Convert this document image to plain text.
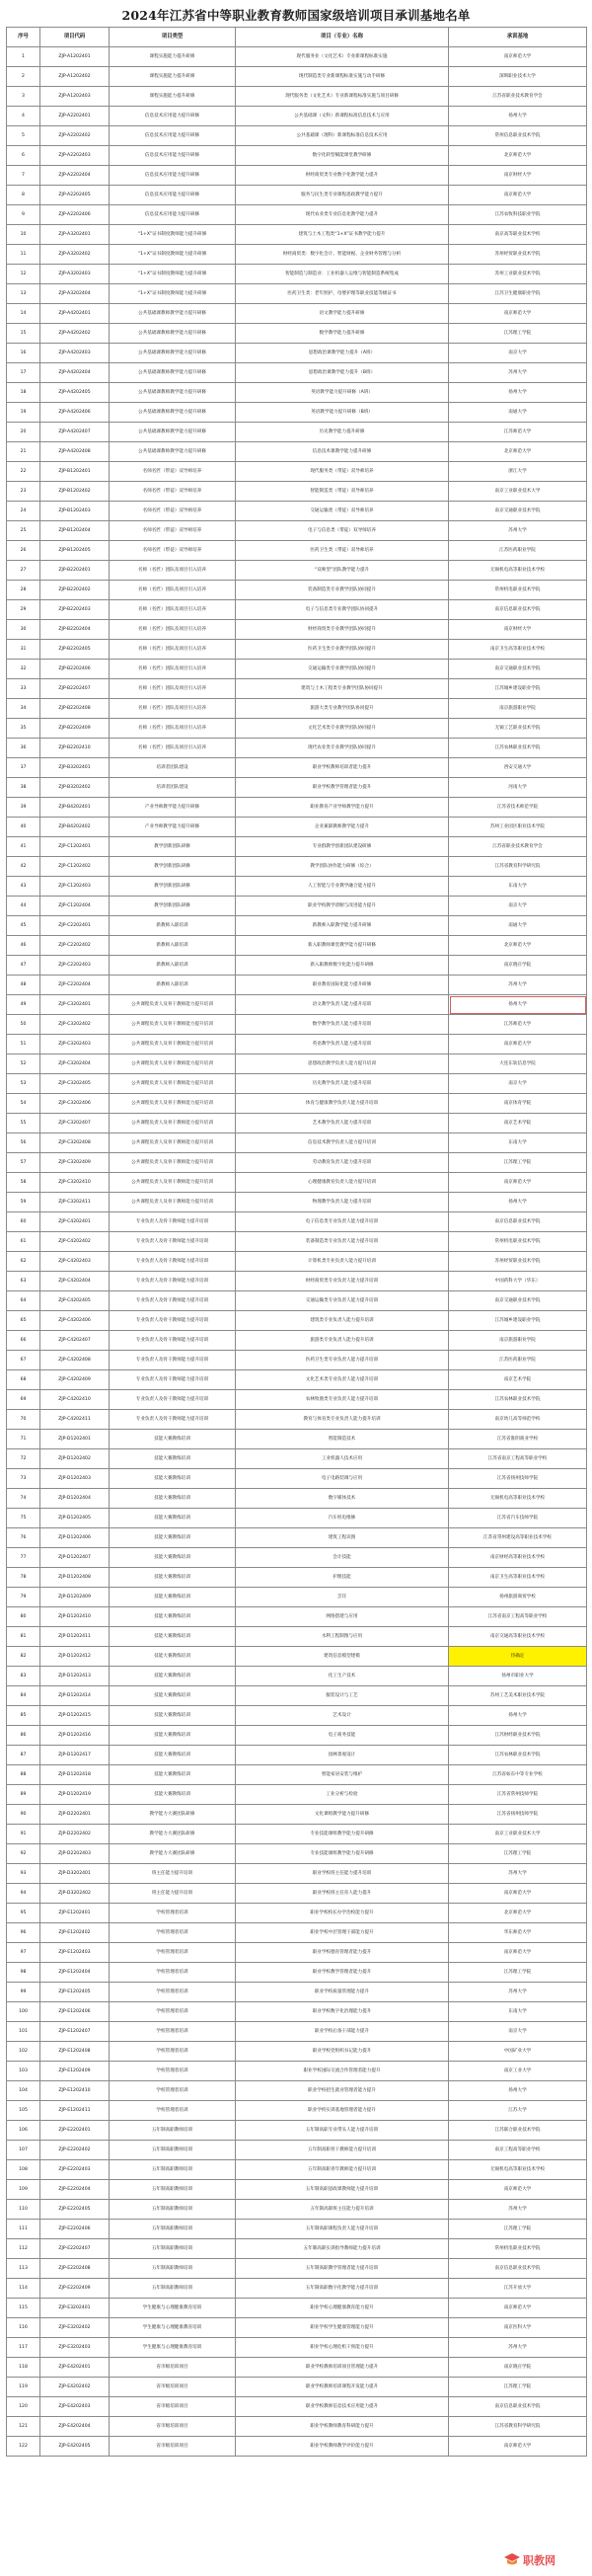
2024年江苏省中等职业教育教师国家级培训项目承训基地名单
序号	项目代码	项目类型	项目（专业）名称	承训基地
1	ZJP-A1202401	课程实施能力提升研修	现代服务业（文化艺术）专业新课程标准实施	南京师范大学
2	ZJP-A1202402	课程实施能力提升研修	现代制造类专业新课程标准实施与动手研修	深圳职业技术大学
3	ZJP-A1202403	课程实施能力提升研修	现代服务类（文化艺术）专业新课程标准实施与项目研修	江苏省职业技术教育学会
4	ZJP-A2202401	信息技术应用能力提升研修	公共基础课（文科）新课程标准信息技术与应用	扬州大学
5	ZJP-A2202402	信息技术应用能力提升研修	公共基础课（理科）新课程标准信息技术应用	常州信息职业技术学院
6	ZJP-A2202403	信息技术应用能力提升研修	数字化转型赋能课堂教学研修	北京师范大学
7	ZJP-A2202404	信息技术应用能力提升研修	财经商贸类专业数字化教学能力提升	南京财经大学
8	ZJP-A2202405	信息技术应用能力提升研修	服务与民生类专业课程思政教学能力提升	南京师范大学
9	ZJP-A2202406	信息技术应用能力提升研修	现代农业类专业信息化教学能力提升	江苏农牧科技职业学院
10	ZJP-A3202401	“1+X”证书制度教师能力提升研修	建筑与土木工程类“1+X”证书教学能力提升	南京高等职业技术学校
11	ZJP-A3202402	“1+X”证书制度教师能力提升研修	财经商贸类：数字化会计、智能财税、企业财务管理与分析	苏州经贸职业技术学院
12	ZJP-A3202403	“1+X”证书制度教师能力提升研修	智能制造与制造业：工业机器人运维与智能制造系统集成	苏州工业职业技术学院
13	ZJP-A3202404	“1+X”证书制度教师能力提升研修	医药卫生类：老年照护、母婴护理等职业技能等级证书	江苏卫生健康职业学院
14	ZJP-A4202401	公共基础课教师教学能力提升研修	语文教学能力提升研修	南京师范大学
15	ZJP-A4202402	公共基础课教师教学能力提升研修	数学教学能力提升研修	江苏理工学院
16	ZJP-A4202403	公共基础课教师教学能力提升研修	思想政治课教学能力提升（A班）	南京大学
17	ZJP-A4202404	公共基础课教师教学能力提升研修	思想政治课教学能力提升（B班）	苏州大学
18	ZJP-A4202405	公共基础课教师教学能力提升研修	英语教学能力提升研修（A班）	扬州大学
19	ZJP-A4202406	公共基础课教师教学能力提升研修	英语教学能力提升研修（B班）	南通大学
20	ZJP-A4202407	公共基础课教师教学能力提升研修	历史教学能力提升研修	江苏师范大学
21	ZJP-A4202408	公共基础课教师教学能力提升研修	信息技术课教学能力提升研修	北京师范大学
22	ZJP-B1202401	名师名匠（带徒）双导师培养	现代服务类（带徒）双导师培养	浙江大学
23	ZJP-B1202402	名师名匠（带徒）双导师培养	智能制造类（带徒）双导师培养	南京工业职业技术大学
24	ZJP-B1202403	名师名匠（带徒）双导师培养	交通运输类（带徒）双导师培养	南京交通职业技术学院
25	ZJP-B1202404	名师名匠（带徒）双导师培养	电子与信息类（带徒）双导师培养	苏州大学
26	ZJP-B1202405	名师名匠（带徒）双导师培养	医药卫生类（带徒）双导师培养	江苏医药职业学院
27	ZJP-B2202401	名师（名匠）团队及项目引入培养	“双师型”团队教学能力提升	无锡机电高等职业技术学校
28	ZJP-B2202402	名师（名匠）团队及项目引入培养	装备制造类专业教学团队协同提升	常州机电职业技术学院
29	ZJP-B2202403	名师（名匠）团队及项目引入培养	电子与信息类专业教学团队协同提升	南京信息职业技术学院
30	ZJP-B2202404	名师（名匠）团队及项目引入培养	财经商贸类专业教学团队协同提升	南京财经大学
31	ZJP-B2202405	名师（名匠）团队及项目引入培养	医药卫生类专业教学团队协同提升	南京卫生高等职业技术学校
32	ZJP-B2202406	名师（名匠）团队及项目引入培养	交通运输类专业教学团队协同提升	南京交通职业技术学院
33	ZJP-B2202407	名师（名匠）团队及项目引入培养	建筑与土木工程类专业教学团队协同提升	江苏城乡建设职业学院
34	ZJP-B2202408	名师（名匠）团队及项目引入培养	旅游大类专业教学团队协同提升	南京旅游职业学院
35	ZJP-B2202409	名师（名匠）团队及项目引入培养	文化艺术类专业教学团队协同提升	无锡工艺职业技术学院
36	ZJP-B2202410	名师（名匠）团队及项目引入培养	现代农业类专业教学团队协同提升	江苏农林职业技术学院
37	ZJP-B3202401	培训者团队建设	职业学校教师培训者能力提升	西安交通大学
38	ZJP-B3202402	培训者团队建设	职业学校教学管理者能力提升	河南大学
39	ZJP-B4202401	产业导师教学能力提升研修	职业教育产业导师教学能力提升	江苏省技术师范学院
40	ZJP-B4202402	产业导师教学能力提升研修	企业兼职教师教学能力提升	苏州工业园区职业技术学院
41	ZJP-C1202401	教学创新团队研修	专业群教学创新团队建设研修	江苏省职业技术教育学会
42	ZJP-C1202402	教学创新团队研修	教学团队协作能力研修（综合）	江苏省教育科学研究院
43	ZJP-C1202403	教学创新团队研修	人工智能与专业教学融合能力提升	东南大学
44	ZJP-C1202404	教学创新团队研修	职业学校教学诊断与改进能力提升	南京大学
45	ZJP-C2202401	新教师入职培训	新教师入职教学能力提升研修	南通大学
46	ZJP-C2202402	新教师入职培训	新入职教师课堂教学能力提升研修	北京师范大学
47	ZJP-C2202403	新教师入职培训	新入职教师数字化能力提升研修	南京晓庄学院
48	ZJP-C2202404	新教师入职培训	职业教育国际化能力提升研修	苏州大学
49	ZJP-C3202401	公共课程负责人及骨干教师能力提升培训	语文教学负责人能力提升培训	扬州大学
50	ZJP-C3202402	公共课程负责人及骨干教师能力提升培训	数学教学负责人能力提升培训	江苏师范大学
51	ZJP-C3202403	公共课程负责人及骨干教师能力提升培训	英语教学负责人能力提升培训	南京师范大学
52	ZJP-C3202404	公共课程负责人及骨干教师能力提升培训	思想政治教学负责人能力提升培训	大连东软信息学院
53	ZJP-C3202405	公共课程负责人及骨干教师能力提升培训	历史教学负责人能力提升培训	南京大学
54	ZJP-C3202406	公共课程负责人及骨干教师能力提升培训	体育与健康教学负责人能力提升培训	南京体育学院
55	ZJP-C3202407	公共课程负责人及骨干教师能力提升培训	艺术教学负责人能力提升培训	南京艺术学院
56	ZJP-C3202408	公共课程负责人及骨干教师能力提升培训	信息技术教学负责人能力提升培训	东南大学
57	ZJP-C3202409	公共课程负责人及骨干教师能力提升培训	劳动教育负责人能力提升培训	江苏理工学院
58	ZJP-C3202410	公共课程负责人及骨干教师能力提升培训	心理健康教育负责人能力提升培训	南京师范大学
59	ZJP-C3202411	公共课程负责人及骨干教师能力提升培训	物理教学负责人能力提升培训	扬州大学
60	ZJP-C4202401	专业负责人及骨干教师能力提升培训	电子信息类专业负责人能力提升培训	南京信息职业技术学院
61	ZJP-C4202402	专业负责人及骨干教师能力提升培训	装备制造类专业负责人能力提升培训	常州机电职业技术学院
62	ZJP-C4202403	专业负责人及骨干教师能力提升培训	计算机类专业负责人能力提升培训	苏州经贸职业技术学院
63	ZJP-C4202404	专业负责人及骨干教师能力提升培训	财经商贸类专业负责人能力提升培训	中国药科大学（华东）
64	ZJP-C4202405	专业负责人及骨干教师能力提升培训	交通运输类专业负责人能力提升培训	南京交通职业技术学院
65	ZJP-C4202406	专业负责人及骨干教师能力提升培训	建筑类专业负责人能力提升培训	江苏城乡建设职业学院
66	ZJP-C4202407	专业负责人及骨干教师能力提升培训	旅游类专业负责人能力提升培训	南京旅游职业学院
67	ZJP-C4202408	专业负责人及骨干教师能力提升培训	医药卫生类专业负责人能力提升培训	江苏医药职业学院
68	ZJP-C4202409	专业负责人及骨干教师能力提升培训	文化艺术类专业负责人能力提升培训	南京艺术学院
69	ZJP-C4202410	专业负责人及骨干教师能力提升培训	农林牧渔类专业负责人能力提升培训	江苏农林职业技术学院
70	ZJP-C4202411	专业负责人及骨干教师能力提升培训	教育与体育类专业负责人能力提升培训	南京幼儿高等师范学校
71	ZJP-D1202401	技能大赛教练培训	智能制造技术	江苏省淮阴商业学校
72	ZJP-D1202402	技能大赛教练培训	工业机器人技术应用	江苏省南京工程高等职业学校
73	ZJP-D1202403	技能大赛教练培训	电子电路装调与应用	江苏省扬州技师学院
74	ZJP-D1202404	技能大赛教练培训	数字媒体技术	无锡机电高等职业技术学校
75	ZJP-D1202405	技能大赛教练培训	汽车机电维修	江苏省汽车技师学院
76	ZJP-D1202406	技能大赛教练培训	建筑工程识图	江苏省常州建设高等职业技术学校
77	ZJP-D1202407	技能大赛教练培训	会计技能	南京财经高等职业技术学校
78	ZJP-D1202408	技能大赛教练培训	护理技能	南京卫生高等职业技术学校
79	ZJP-D1202409	技能大赛教练培训	烹饪	扬州旅游商贸学校
80	ZJP-D1202410	技能大赛教练培训	网络搭建与应用	江苏省南京工程高等职业学校
81	ZJP-D1202411	技能大赛教练培训	水利工程制图与应用	南京交通高等职业技术学校
82	ZJP-D1202412	技能大赛教练培训	建筑信息模型建模	待确定
83	ZJP-D1202413	技能大赛教练培训	化工生产技术	扬州市职业大学
84	ZJP-D1202414	技能大赛教练培训	服装设计与工艺	苏州工艺美术职业技术学院
85	ZJP-D1202415	技能大赛教练培训	艺术设计	扬州大学
86	ZJP-D1202416	技能大赛教练培训	电子商务技能	江苏财经职业技术学院
87	ZJP-D1202417	技能大赛教练培训	园林景观设计	江苏农林职业技术学院
88	ZJP-D1202418	技能大赛教练培训	智能家居安装与维护	江苏省如东中等专业学校
89	ZJP-D1202419	技能大赛教练培训	工业分析与检验	江苏省常州技师学院
90	ZJP-D2202401	教学能力大赛团队研修	文化课组教学能力提升研修	江苏省扬州技师学院
91	ZJP-D2202402	教学能力大赛团队研修	专业技能课组教学能力提升研修	南京工业职业技术大学
92	ZJP-D2202403	教学能力大赛团队研修	专业技能课组教学能力提升研修	江苏理工学院
93	ZJP-D3202401	班主任能力提升培训	职业学校班主任能力提升培训	苏州大学
94	ZJP-D3202402	班主任能力提升培训	职业学校班主任育人能力提升	南京师范大学
95	ZJP-E1202401	学校管理者培训	职业学校校长办学治校能力提升	北京师范大学
96	ZJP-E1202402	学校管理者培训	职业学校中层管理干部能力提升	华东师范大学
97	ZJP-E1202403	学校管理者培训	职业学校德育管理者能力提升	南京师范大学
98	ZJP-E1202404	学校管理者培训	职业学校教学管理者能力提升	江苏理工学院
99	ZJP-E1202405	学校管理者培训	职业学校质量管理能力提升	苏州大学
100	ZJP-E1202406	学校管理者培训	职业学校数字化治理能力提升	东南大学
101	ZJP-E1202407	学校管理者培训	职业学校后备干部能力提升	南京大学
102	ZJP-E1202408	学校管理者培训	职业学校党组织书记能力提升	中国矿业大学
103	ZJP-E1202409	学校管理者培训	职业学校国际交流合作管理者能力提升	南京工业大学
104	ZJP-E1202410	学校管理者培训	职业学校招生就业管理者能力提升	扬州大学
105	ZJP-E1202411	学校管理者培训	职业学校实训基地管理者能力提升	江苏大学
106	ZJP-E2202401	五年制高职教师培训	五年制高职专业带头人能力提升培训	江苏联合职业技术学院
107	ZJP-E2202402	五年制高职教师培训	五年制高职骨干教师能力提升培训	南京工程高等职业学校
108	ZJP-E2202403	五年制高职教师培训	五年制高职青年教师能力提升培训	无锡机电高等职业技术学校
109	ZJP-E2202404	五年制高职教师培训	五年制高职思政课教师能力提升培训	南京师范大学
110	ZJP-E2202405	五年制高职教师培训	五年制高职班主任能力提升培训	苏州大学
111	ZJP-E2202406	五年制高职教师培训	五年制高职课程负责人能力提升培训	江苏理工学院
112	ZJP-E2202407	五年制高职教师培训	五年制高职实训指导教师能力提升培训	常州机电职业技术学院
113	ZJP-E2202408	五年制高职教师培训	五年制高职教学管理者能力提升培训	南京信息职业技术学院
114	ZJP-E2202409	五年制高职教师培训	五年制高职数字化教学能力提升培训	江苏开放大学
115	ZJP-E3202401	学生健康与心理健康教育培训	职业学校心理健康教育能力提升	南京师范大学
116	ZJP-E3202402	学生健康与心理健康教育培训	职业学校学生健康管理能力提升	南京医科大学
117	ZJP-E3202403	学生健康与心理健康教育培训	职业学校心理危机干预能力提升	苏州大学
118	ZJP-E4202401	省市级培训项目	职业学校教师培训项目管理能力提升	南京晓庄学院
119	ZJP-E4202402	省市级培训项目	职业学校教师培训课程开发能力提升	江苏理工学院
120	ZJP-E4202403	省市级培训项目	职业学校教师信息技术应用能力提升	南京信息职业技术学院
121	ZJP-E4202404	省市级培训项目	职业学校教师教育科研能力提升	江苏省教育科学研究院
122	ZJP-E4202405	省市级培训项目	职业学校教师教学评价能力提升	南京师范大学
职教网
